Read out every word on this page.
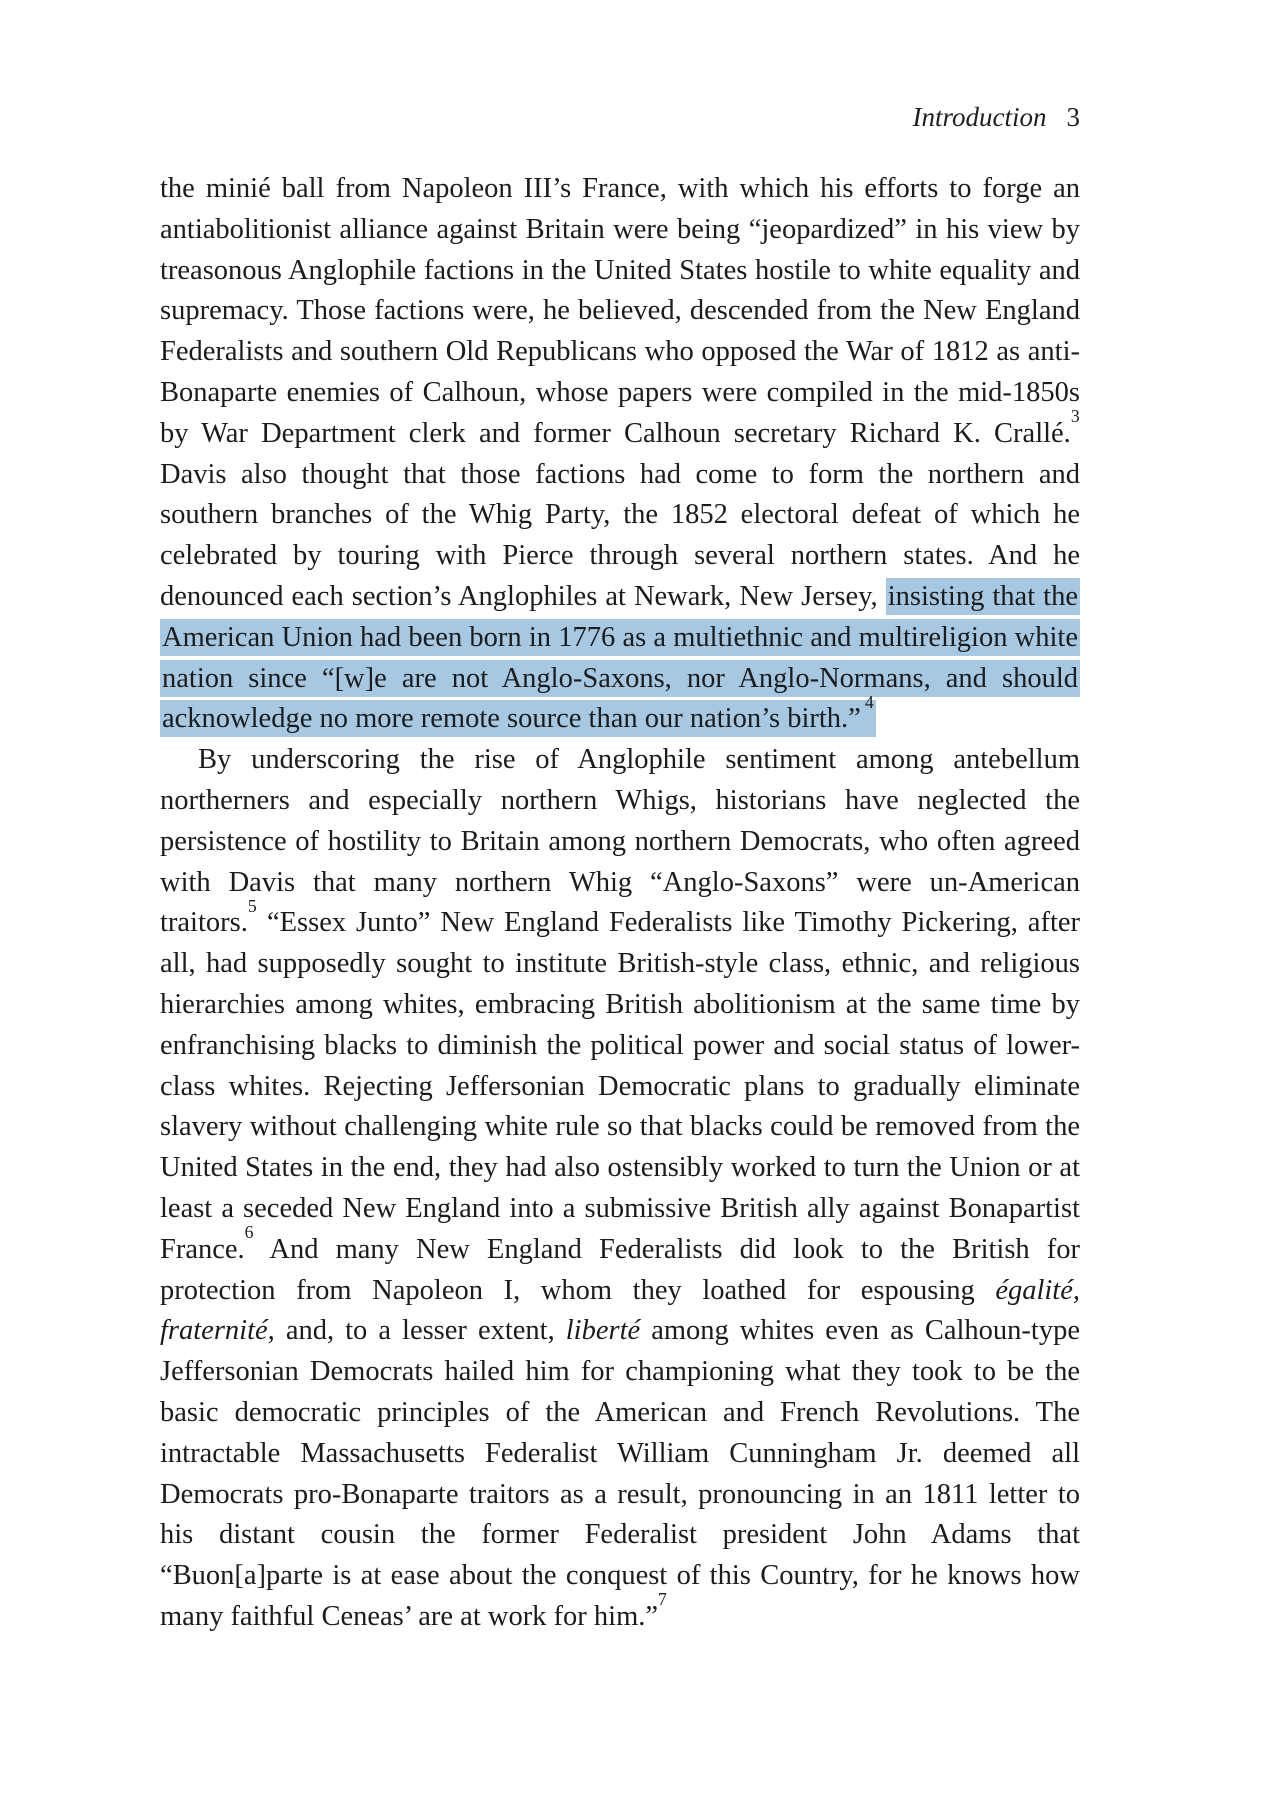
Introduction 3

the minié ball from Napoleon III’s France, with which his efforts to forge an antiabolitionist alliance against Britain were being “jeopardized” in his view by treasonous Anglophile factions in the United States hostile to white equality and supremacy. Those factions were, he believed, descended from the New England Federalists and southern Old Republicans who opposed the War of 1812 as anti-Bonaparte enemies of Calhoun, whose papers were compiled in the mid-1850s by War Department clerk and former Calhoun secretary Richard K. Crallé.$^3$ Davis also thought that those factions had come to form the northern and southern branches of the Whig Party, the 1852 electoral defeat of which he celebrated by touring with Pierce through several northern states. And he denounced each section’s Anglophiles at Newark, New Jersey, insisting that the American Union had been born in 1776 as a multiethnic and multireligion white nation since “[w]e are not Anglo-Saxons, nor Anglo-Normans, and should acknowledge no more remote source than our nation’s birth.”$^4$

By underscoring the rise of Anglophile sentiment among antebellum northerners and especially northern Whigs, historians have neglected the persistence of hostility to Britain among northern Democrats, who often agreed with Davis that many northern Whig “Anglo-Saxons” were un-American traitors.$^5$ “Essex Junto” New England Federalists like Timothy Pickering, after all, had supposedly sought to institute British-style class, ethnic, and religious hierarchies among whites, embracing British abolitionism at the same time by enfranchising blacks to diminish the political power and social status of lower-class whites. Rejecting Jeffersonian Democratic plans to gradually eliminate slavery without challenging white rule so that blacks could be removed from the United States in the end, they had also ostensibly worked to turn the Union or at least a seceded New England into a submissive British ally against Bonapartist France.$^6$ And many New England Federalists did look to the British for protection from Napoleon I, whom they loathed for espousing égalité, fraternité, and, to a lesser extent, liberté among whites even as Calhoun-type Jeffersonian Democrats hailed him for championing what they took to be the basic democratic principles of the American and French Revolutions. The intractable Massachusetts Federalist William Cunningham Jr. deemed all Democrats pro-Bonaparte traitors as a result, pronouncing in an 1811 letter to his distant cousin the former Federalist president John Adams that “Buon[a]parte is at ease about the conquest of this Country, for he knows how many faithful Ceneas’ are at work for him.”$^7$
